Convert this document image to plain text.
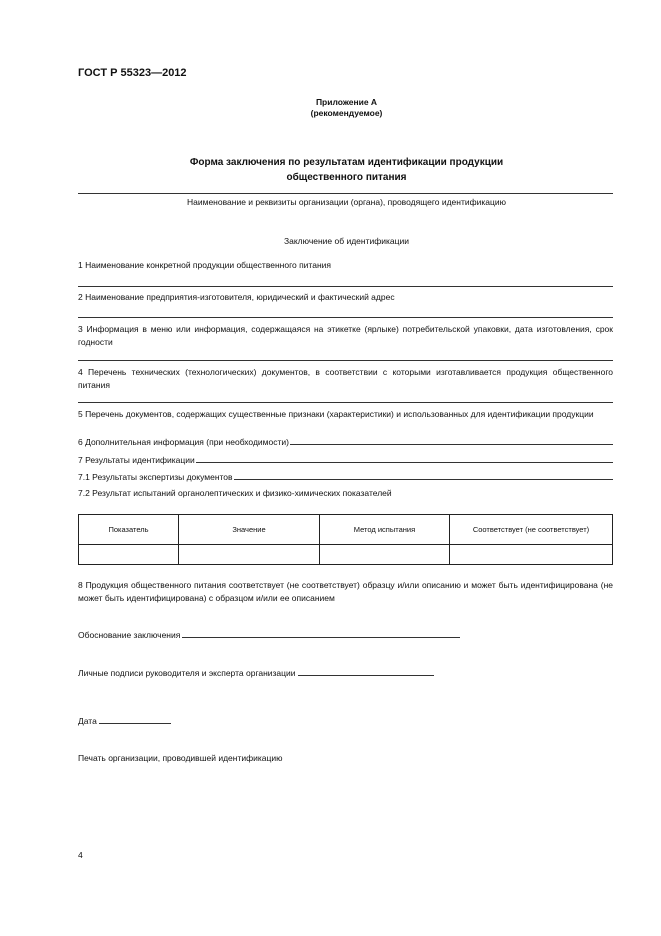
ГОСТ Р 55323—2012
Приложение А
(рекомендуемое)
Форма заключения по результатам идентификации продукции
общественного питания
Наименование и реквизиты организации (органа), проводящего идентификацию
Заключение об идентификации
1 Наименование конкретной продукции общественного питания
2 Наименование предприятия-изготовителя, юридический и фактический адрес
3 Информация в меню или информация, содержащаяся на этикетке (ярлыке) потребительской упаковки, дата изготовления, срок годности
4 Перечень технических (технологических) документов, в соответствии с которыми изготавливается продукция общественного питания
5 Перечень документов, содержащих существенные признаки (характеристики) и использованных для идентификации продукции
6 Дополнительная информация (при необходимости)
7 Результаты идентификации
7.1 Результаты экспертизы документов
7.2 Результат испытаний органолептических и физико-химических показателей
Показатель	Значение	Метод испытания	Соответствует (не соответствует)

8 Продукция общественного питания соответствует (не соответствует) образцу и/или описанию и может быть идентифицирована (не может быть идентифицирована) с образцом и/или ее описанием
Обоснование заключения
Личные подписи руководителя и эксперта организации
Дата
Печать организации, проводившей идентификацию
4
